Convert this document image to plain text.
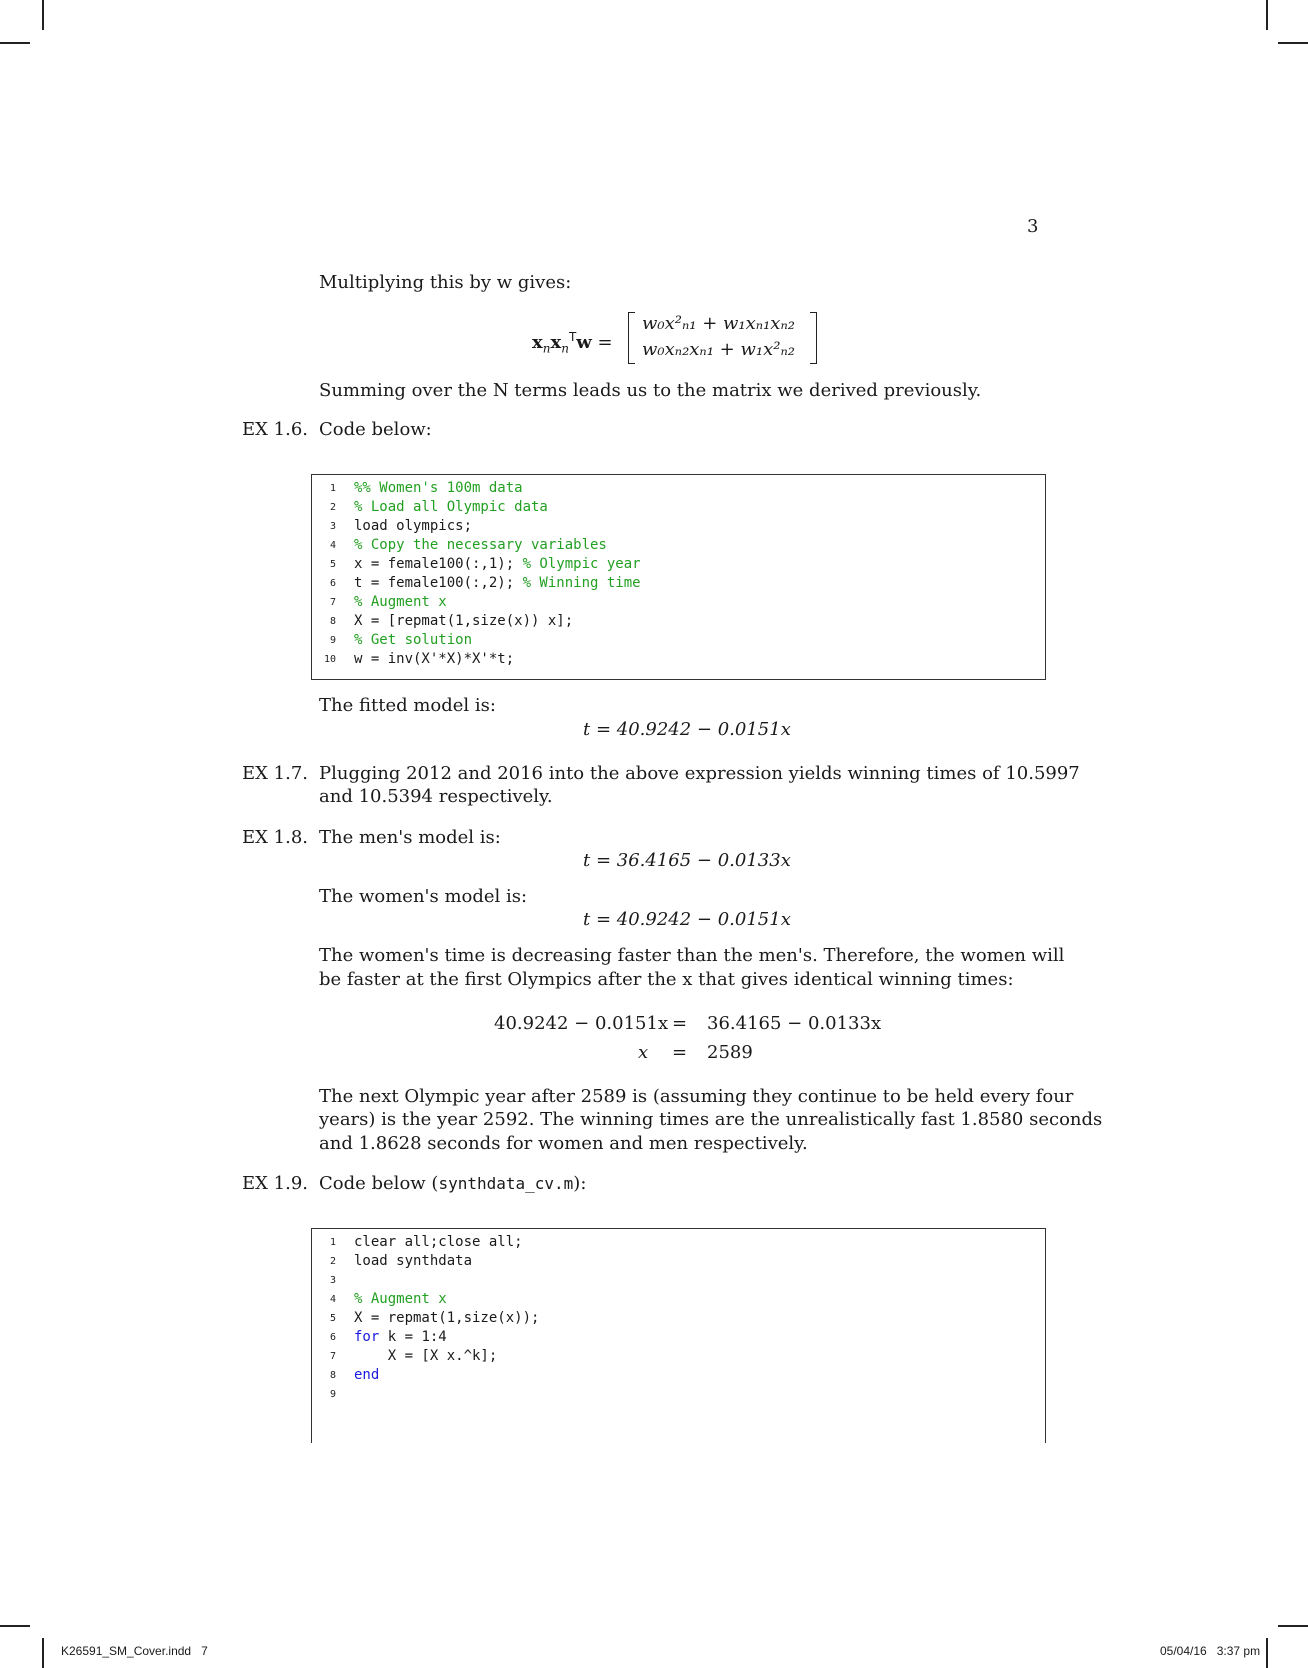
3
Multiplying this by w gives:
$x_nx_n^Tw$ =
w₀x²ₙ₁ + w₁xₙ₁xₙ₂
w₀xₙ₂xₙ₁ + w₁x²ₙ₂
Summing over the N terms leads us to the matrix we derived previously.
EX 1.6. Code below:
1 %% Women's 100m data
2 % Load all Olympic data
3 load olympics;
4 % Copy the necessary variables
5 x = female100(:,1); % Olympic year
6 t = female100(:,2); % Winning time
7 % Augment x
8 X = [repmat(1,size(x)) x];
9 % Get solution
10 w = inv(X'*X)*X'*t;
The fitted model is:
t = 40.9242 − 0.0151x
EX 1.7. Plugging 2012 and 2016 into the above expression yields winning times of 10.5997
and 10.5394 respectively.
EX 1.8. The men's model is:
t = 36.4165 − 0.0133x
The women's model is:
t = 40.9242 − 0.0151x
The women's time is decreasing faster than the men's. Therefore, the women will
be faster at the first Olympics after the x that gives identical winning times:
40.9242 − 0.0151x = 36.4165 − 0.0133x
x = 2589
The next Olympic year after 2589 is (assuming they continue to be held every four
years) is the year 2592. The winning times are the unrealistically fast 1.8580 seconds
and 1.8628 seconds for women and men respectively.
EX 1.9. Code below (synthdata_cv.m):
1 clear all;close all;
2 load synthdata
3
4 % Augment x
5 X = repmat(1,size(x));
6 for k = 1:4
7 X = [X x.^k];
8 end
9
K26591_SM_Cover.indd   7	05/04/16   3:37 pm
